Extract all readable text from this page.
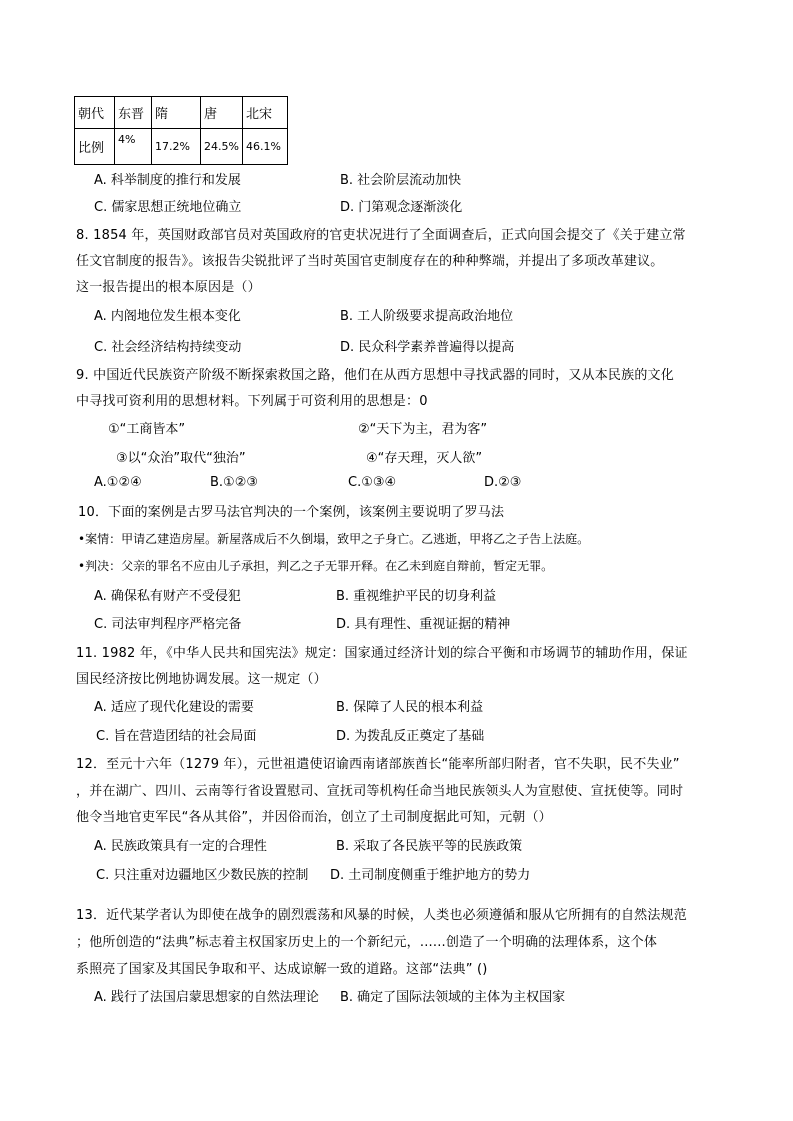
朝代	东晋	隋	唐	北宋
比例	4%	17.2%	24.5%	46.1%
A. 科举制度的推行和发展	B. 社会阶层流动加快
C. 儒家思想正统地位确立	D. 门第观念逐渐淡化
8. 1854 年，英国财政部官员对英国政府的官吏状况进行了全面调查后，正式向国会提交了《关于建立常
任文官制度的报告》。该报告尖锐批评了当时英国官吏制度存在的种种弊端，并提出了多项改革建议。
这一报告提出的根本原因是（）
A. 内阁地位发生根本变化	B. 工人阶级要求提高政治地位
C. 社会经济结构持续变动	D. 民众科学素养普遍得以提高
9. 中国近代民族资产阶级不断探索救国之路，他们在从西方思想中寻找武器的同时，又从本民族的文化
中寻找可资利用的思想材料。下列属于可资利用的思想是：0
①“工商皆本”	②“天下为主，君为客”
③以“众治”取代“独治”	④“存天理，灭人欲”
A.①②④	B.①②③	C.①③④	D.②③
10．下面的案例是古罗马法官判决的一个案例，该案例主要说明了罗马法
•案情：甲请乙建造房屋。新屋落成后不久倒塌，致甲之子身亡。乙逃逝，甲将乙之子告上法庭。
•判决：父亲的罪名不应由儿子承担，判乙之子无罪开释。在乙未到庭自辩前，暂定无罪。
A. 确保私有财产不受侵犯	B. 重视维护平民的切身利益
C. 司法审判程序严格完备	D. 具有理性、重视证据的精神
11. 1982 年，《中华人民共和国宪法》规定：国家通过经济计划的综合平衡和市场调节的辅助作用，保证
国民经济按比例地协调发展。这一规定（）
A. 适应了现代化建设的需要	B. 保障了人民的根本利益
C. 旨在营造团结的社会局面	D. 为拨乱反正奠定了基础
12．至元十六年（1279 年），元世祖遣使诏谕西南诸部族酋长“能率所部归附者，官不失职，民不失业”
，并在湖广、四川、云南等行省设置慰司、宣抚司等机构任命当地民族领头人为宣慰使、宣抚使等。同时
他令当地官吏军民“各从其俗”，并因俗而治，创立了土司制度据此可知，元朝（）
A. 民族政策具有一定的合理性	B. 采取了各民族平等的民族政策
C. 只注重对边疆地区少数民族的控制 D. 土司制度侧重于维护地方的势力
13．近代某学者认为即使在战争的剧烈震荡和风暴的时候，人类也必须遵循和服从它所拥有的自然法规范
；他所创造的“法典”标志着主权国家历史上的一个新纪元，......创造了一个明确的法理体系，这个体
系照亮了国家及其国民争取和平、达成谅解一致的道路。这部“法典” ()
A. 践行了法国启蒙思想家的自然法理论 B. 确定了国际法领域的主体为主权国家
